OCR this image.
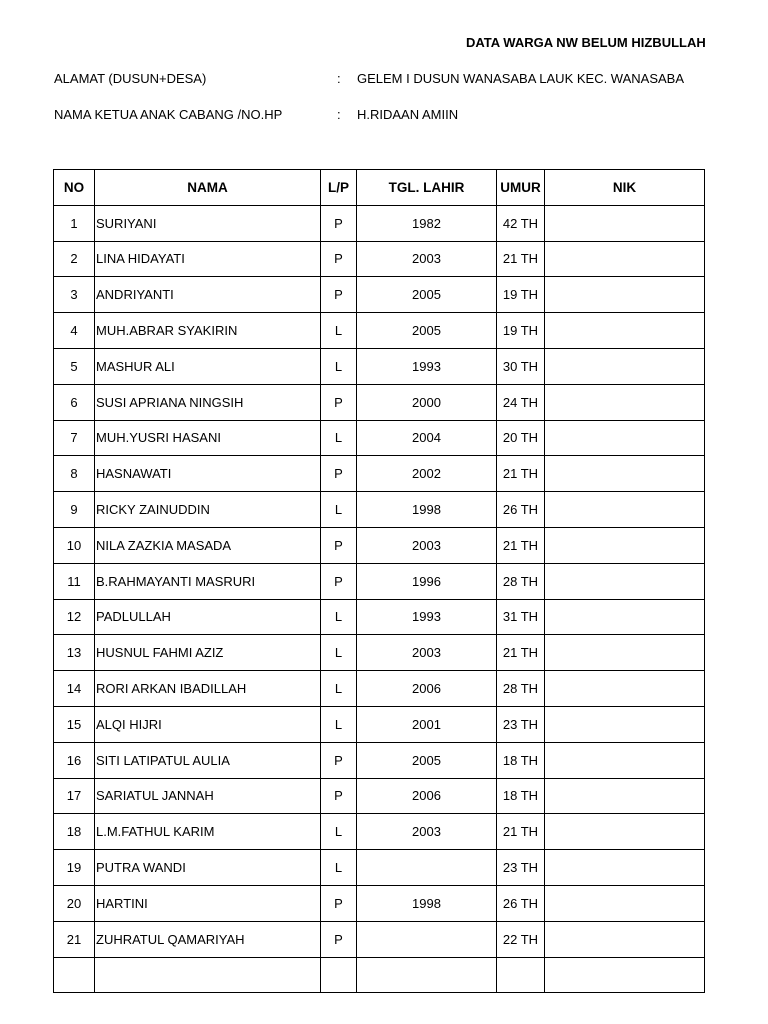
DATA WARGA NW BELUM HIZBULLAH
ALAMAT (DUSUN+DESA)	: GELEM I DUSUN WANASABA LAUK KEC. WANASABA
NAMA KETUA ANAK CABANG /NO.HP	: H.RIDAAN AMIIN
NO	NAMA	L/P	TGL. LAHIR	UMUR	NIK
1	SURIYANI	P	1982	42 TH	
2	LINA HIDAYATI	P	2003	21 TH	
3	ANDRIYANTI	P	2005	19 TH	
4	MUH.ABRAR SYAKIRIN	L	2005	19 TH	
5	MASHUR ALI	L	1993	30 TH	
6	SUSI APRIANA NINGSIH	P	2000	24 TH	
7	MUH.YUSRI HASANI	L	2004	20 TH	
8	HASNAWATI	P	2002	21 TH	
9	RICKY ZAINUDDIN	L	1998	26 TH	
10	NILA ZAZKIA MASADA	P	2003	21 TH	
11	B.RAHMAYANTI MASRURI	P	1996	28 TH	
12	PADLULLAH	L	1993	31 TH	
13	HUSNUL FAHMI AZIZ	L	2003	21 TH	
14	RORI ARKAN IBADILLAH	L	2006	28 TH	
15	ALQI HIJRI	L	2001	23 TH	
16	SITI LATIPATUL AULIA	P	2005	18 TH	
17	SARIATUL JANNAH	P	2006	18 TH	
18	L.M.FATHUL KARIM	L	2003	21 TH	
19	PUTRA WANDI	L		23 TH	
20	HARTINI	P	1998	26 TH	
21	ZUHRATUL QAMARIYAH	P		22 TH	
